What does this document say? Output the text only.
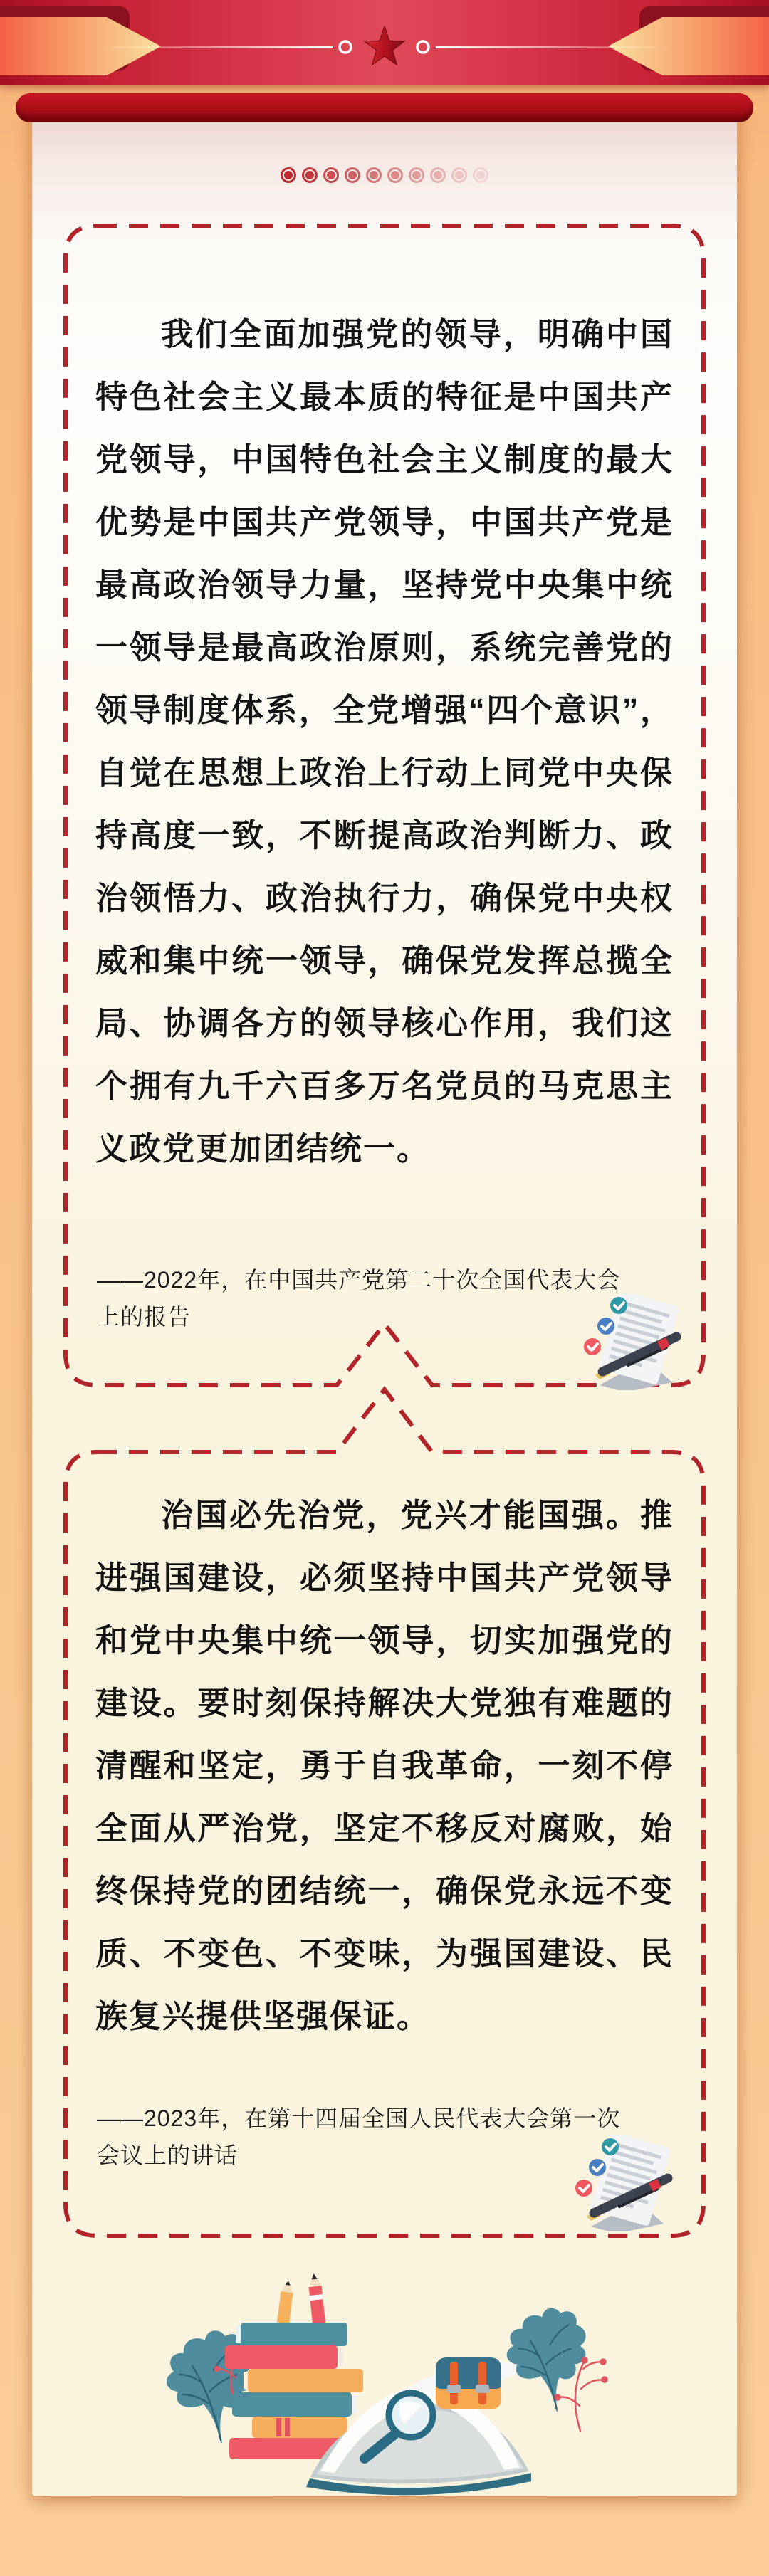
我们全面加强党的领导，明确中国特色社会主义最本质的特征是中国共产党领导，中国特色社会主义制度的最大优势是中国共产党领导，中国共产党是最高政治领导力量，坚持党中央集中统一领导是最高政治原则，系统完善党的领导制度体系，全党增强“四个意识”，自觉在思想上政治上行动上同党中央保持高度一致，不断提高政治判断力、政治领悟力、政治执行力，确保党中央权威和集中统一领导，确保党发挥总揽全局、协调各方的领导核心作用，我们这个拥有九千六百多万名党员的马克思主义政党更加团结统一。
——2022年，在中国共产党第二十次全国代表大会上的报告
治国必先治党，党兴才能国强。推进强国建设，必须坚持中国共产党领导和党中央集中统一领导，切实加强党的建设。要时刻保持解决大党独有难题的清醒和坚定，勇于自我革命，一刻不停全面从严治党，坚定不移反对腐败，始终保持党的团结统一，确保党永远不变质、不变色、不变味，为强国建设、民族复兴提供坚强保证。
——2023年，在第十四届全国人民代表大会第一次会议上的讲话
